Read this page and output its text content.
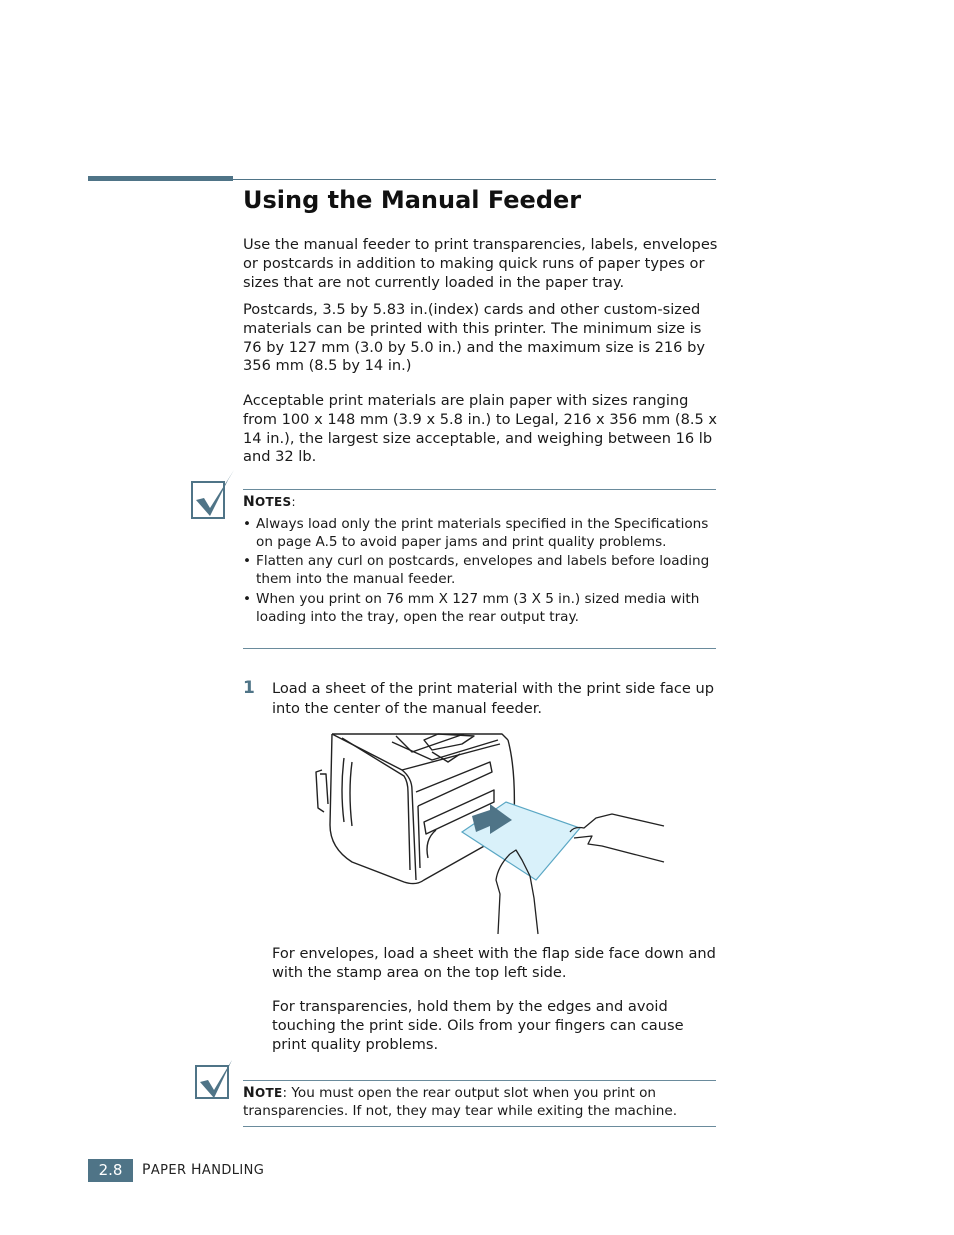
Using the Manual Feeder

Use the manual feeder to print transparencies, labels, envelopes or postcards in addition to making quick runs of paper types or sizes that are not currently loaded in the paper tray.

Postcards, 3.5 by 5.83 in.(index) cards and other custom-sized materials can be printed with this printer. The minimum size is 76 by 127 mm (3.0 by 5.0 in.) and the maximum size is 216 by 356 mm (8.5 by 14 in.)

Acceptable print materials are plain paper with sizes ranging from 100 x 148 mm (3.9 x 5.8 in.) to Legal, 216 x 356 mm (8.5 x 14 in.), the largest size acceptable, and weighing between 16 lb and 32 lb.

NOTES:

• Always load only the print materials specified in the Specifications on page A.5 to avoid paper jams and print quality problems.

• Flatten any curl on postcards, envelopes and labels before loading them into the manual feeder.

• When you print on 76 mm X 127 mm (3 X 5 in.) sized media with loading into the tray, open the rear output tray.

1 Load a sheet of the print material with the print side face up into the center of the manual feeder.

For envelopes, load a sheet with the flap side face down and with the stamp area on the top left side.

For transparencies, hold them by the edges and avoid touching the print side. Oils from your fingers can cause print quality problems.

NOTE: You must open the rear output slot when you print on transparencies. If not, they may tear while exiting the machine.

2.8	PAPER HANDLING
